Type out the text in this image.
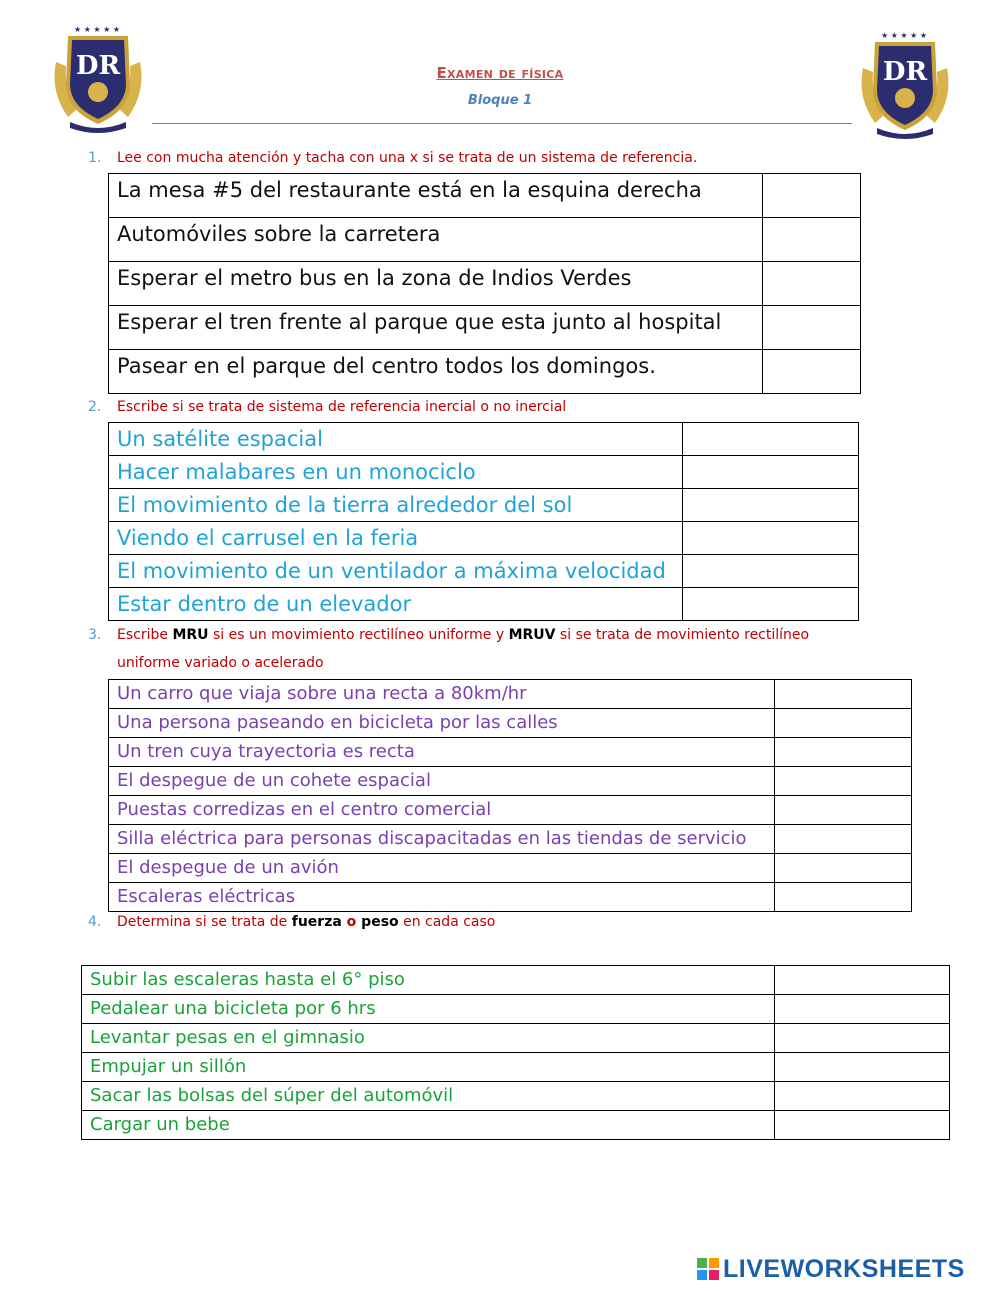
DR
★ ★ ★ ★ ★
DR
★ ★ ★ ★ ★
Examen de física
Bloque 1
1. Lee con mucha atención y tacha con una x si se trata de un sistema de referencia.
La mesa #5 del restaurante está en la esquina derecha	
Automóviles sobre la carretera	
Esperar el metro bus en la zona de Indios Verdes	
Esperar el tren frente al parque que esta junto al hospital	
Pasear en el parque del centro todos los domingos.	
2. Escribe si se trata de sistema de referencia inercial o no inercial
Un satélite espacial	
Hacer malabares en un monociclo	
El movimiento de la tierra alrededor del sol	
Viendo el carrusel en la feria	
El movimiento de un ventilador a máxima velocidad	
Estar dentro de un elevador	
3. Escribe MRU si es un movimiento rectilíneo uniforme y MRUV si se trata de movimiento rectilíneo
uniforme variado o acelerado
Un carro que viaja sobre una recta a 80km/hr	
Una persona paseando en bicicleta por las calles	
Un tren cuya trayectoria es recta	
El despegue de un cohete espacial	
Puestas corredizas en el centro comercial	
Silla eléctrica para personas discapacitadas en las tiendas de servicio	
El despegue de un avión	
Escaleras eléctricas	
4. Determina si se trata de fuerza o peso en cada caso
Subir las escaleras hasta el 6° piso	
Pedalear una bicicleta por 6 hrs	
Levantar pesas en el gimnasio	
Empujar un sillón	
Sacar las bolsas del súper del automóvil	
Cargar un bebe	
LIVEWORKSHEETS
